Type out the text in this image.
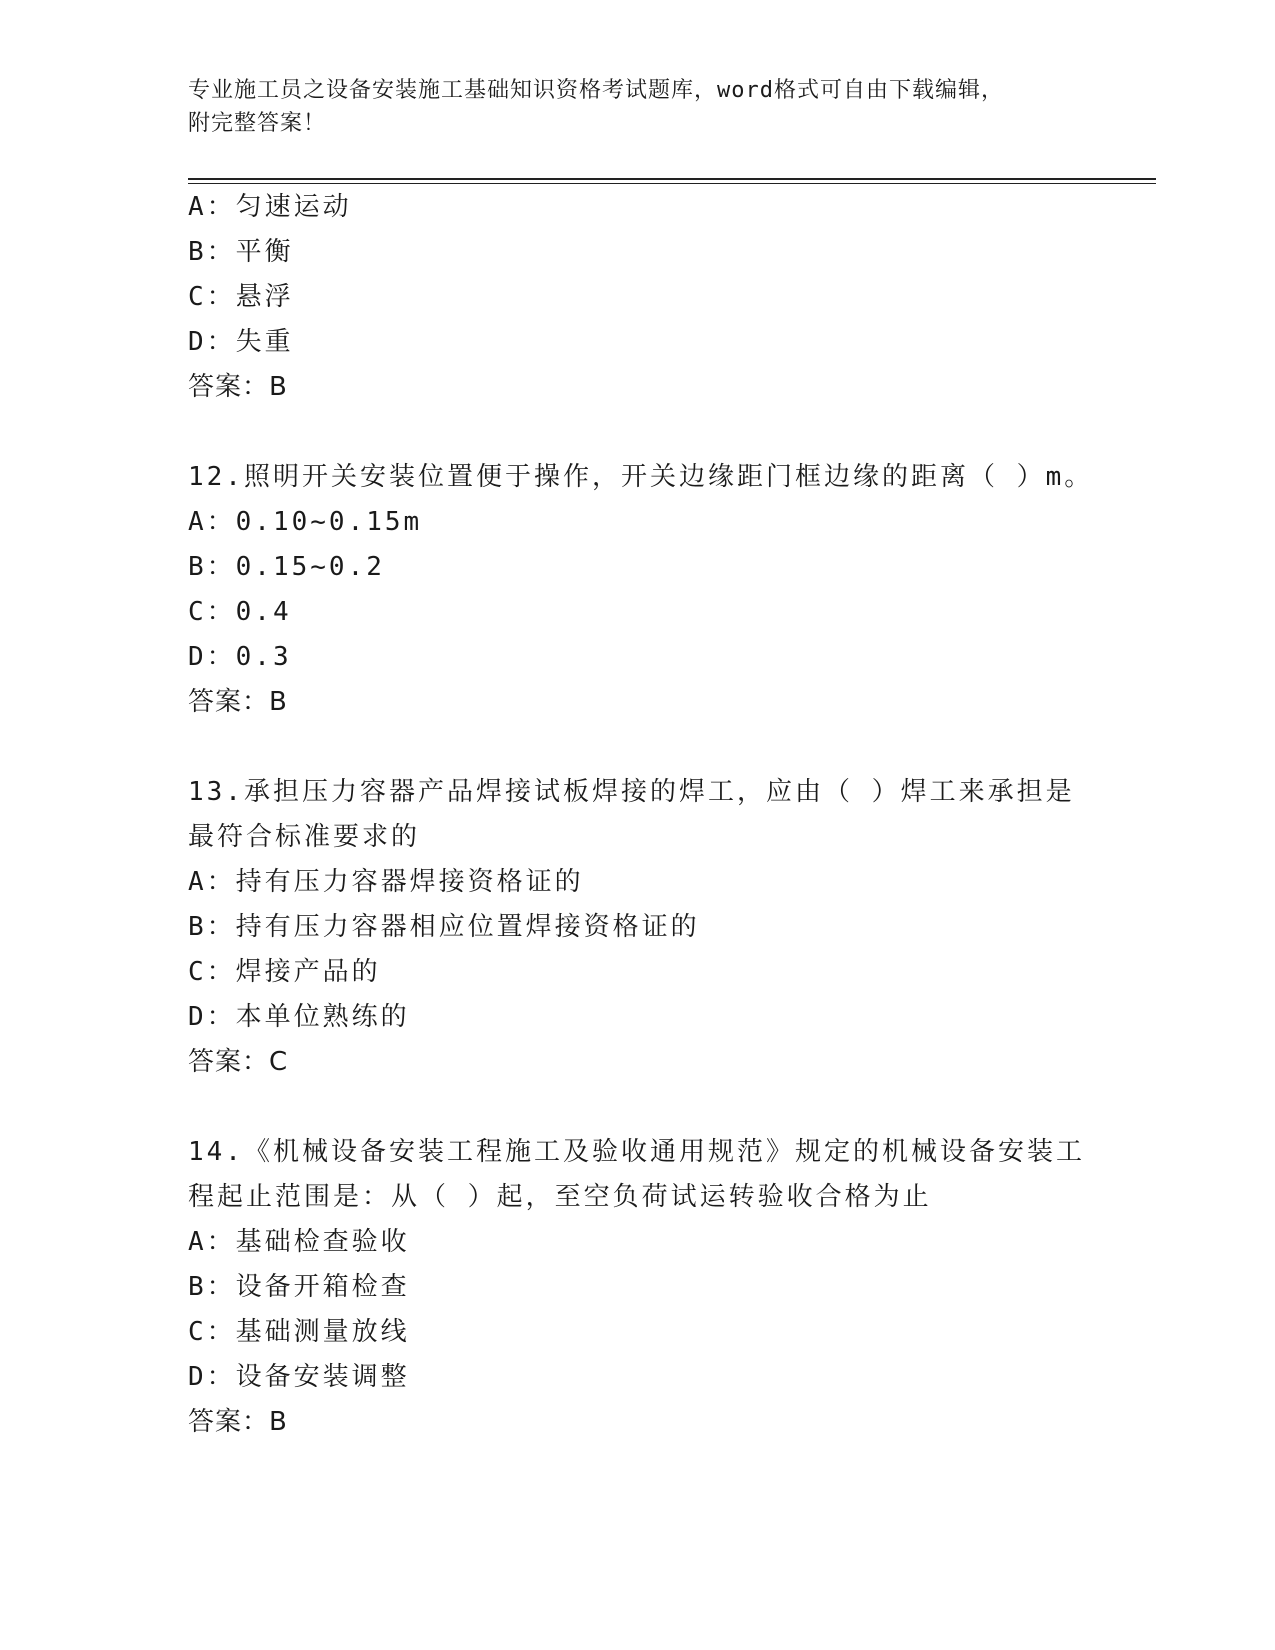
专业施工员之设备安装施工基础知识资格考试题库，word格式可自由下载编辑，
附完整答案！
A：匀速运动
B：平衡
C：悬浮
D：失重
答案：B
12.照明开关安装位置便于操作，开关边缘距门框边缘的距离（ ）m。
A：0.10~0.15m
B：0.15~0.2
C：0.4
D：0.3
答案：B
13.承担压力容器产品焊接试板焊接的焊工，应由（ ）焊工来承担是
最符合标准要求的
A：持有压力容器焊接资格证的
B：持有压力容器相应位置焊接资格证的
C：焊接产品的
D：本单位熟练的
答案：C
14.《机械设备安装工程施工及验收通用规范》规定的机械设备安装工
程起止范围是：从（ ）起，至空负荷试运转验收合格为止
A：基础检查验收
B：设备开箱检查
C：基础测量放线
D：设备安装调整
答案：B
